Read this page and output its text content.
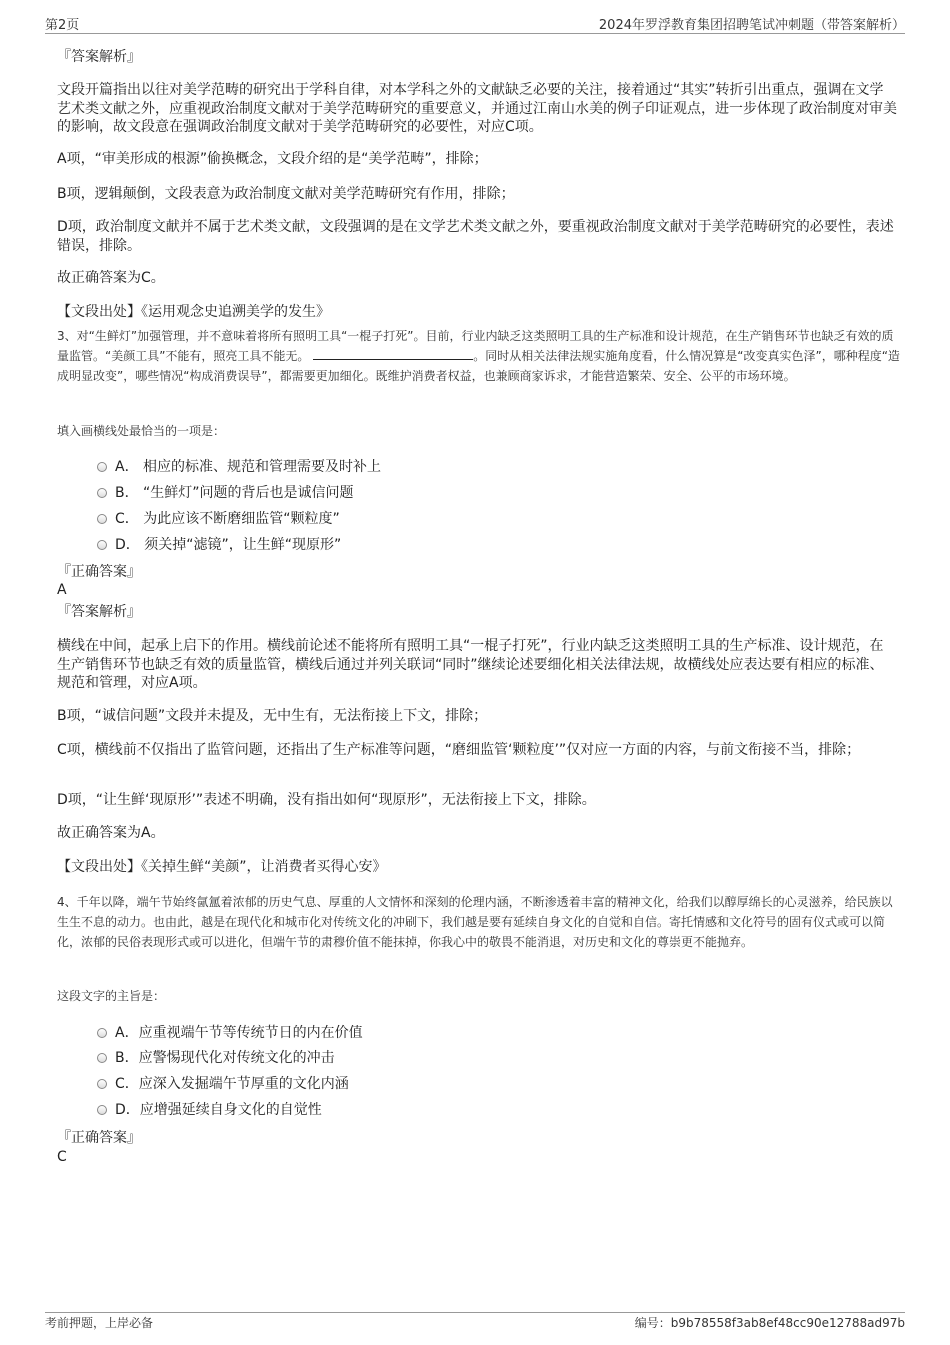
第2页	2024年罗浮教育集团招聘笔试冲刺题（带答案解析）
『答案解析』
文段开篇指出以往对美学范畴的研究出于学科自律，对本学科之外的文献缺乏必要的关注，接着通过“其实”转折引出重点，强调在文学艺术类文献之外，应重视政治制度文献对于美学范畴研究的重要意义，并通过江南山水美的例子印证观点，进一步体现了政治制度对审美的影响，故文段意在强调政治制度文献对于美学范畴研究的必要性，对应C项。
A项，“审美形成的根源”偷换概念，文段介绍的是“美学范畴”，排除；
B项，逻辑颠倒，文段表意为政治制度文献对美学范畴研究有作用，排除；
D项，政治制度文献并不属于艺术类文献，文段强调的是在文学艺术类文献之外，要重视政治制度文献对于美学范畴研究的必要性，表述错误，排除。
故正确答案为C。
【文段出处】《运用观念史追溯美学的发生》
3、对“生鲜灯”加强管理，并不意味着将所有照明工具“一棍子打死”。目前，行业内缺乏这类照明工具的生产标准和设计规范，在生产销售环节也缺乏有效的质量监管。“美颜工具”不能有，照亮工具不能无。	。同时从相关法律法规实施角度看，什么情况算是“改变真实色泽”，哪种程度“造成明显改变”，哪些情况“构成消费误导”，都需要更加细化。既维护消费者权益，也兼顾商家诉求，才能营造繁荣、安全、公平的市场环境。
填入画横线处最恰当的一项是：
A． 相应的标准、规范和管理需要及时补上
B． “生鲜灯”问题的背后也是诚信问题
C． 为此应该不断磨细监管“颗粒度”
D． 须关掉“滤镜”，让生鲜“现原形”
『正确答案』
A
『答案解析』
横线在中间，起承上启下的作用。横线前论述不能将所有照明工具“一棍子打死”，行业内缺乏这类照明工具的生产标准、设计规范，在生产销售环节也缺乏有效的质量监管，横线后通过并列关联词“同时”继续论述要细化相关法律法规，故横线处应表达要有相应的标准、规范和管理，对应A项。
B项，“诚信问题”文段并未提及，无中生有，无法衔接上下文，排除；
C项，横线前不仅指出了监管问题，还指出了生产标准等问题，“磨细监管‘颗粒度’”仅对应一方面的内容，与前文衔接不当，排除；
D项，“让生鲜‘现原形’”表述不明确，没有指出如何“现原形”，无法衔接上下文，排除。
故正确答案为A。
【文段出处】《关掉生鲜“美颜”，让消费者买得心安》
4、千年以降，端午节始终氤氲着浓郁的历史气息、厚重的人文情怀和深刻的伦理内涵，不断渗透着丰富的精神文化，给我们以醇厚绵长的心灵滋养，给民族以生生不息的动力。也由此，越是在现代化和城市化对传统文化的冲刷下，我们越是要有延续自身文化的自觉和自信。寄托情感和文化符号的固有仪式或可以简化，浓郁的民俗表现形式或可以进化，但端午节的肃穆价值不能抹掉，你我心中的敬畏不能消退，对历史和文化的尊崇更不能抛弃。
这段文字的主旨是：
A．应重视端午节等传统节日的内在价值
B．应警惕现代化对传统文化的冲击
C．应深入发掘端午节厚重的文化内涵
D．应增强延续自身文化的自觉性
『正确答案』
C
考前押题，上岸必备	编号：b9b78558f3ab8ef48cc90e12788ad97b
